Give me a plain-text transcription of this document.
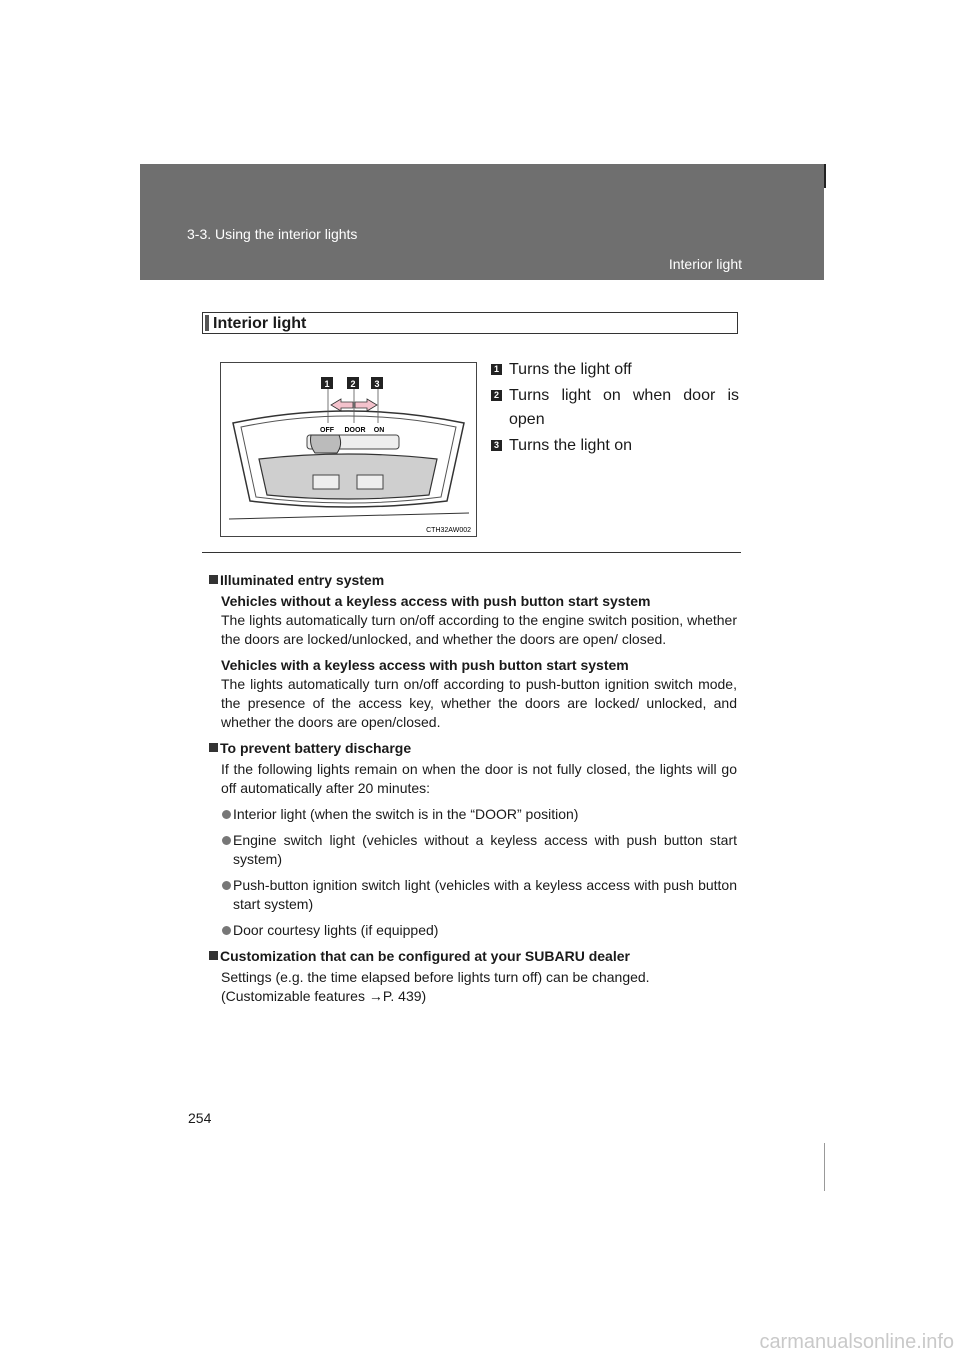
3-3. Using the interior lights
Interior light
Interior light
1 2 3
OFF DOOR ON
CTH32AW002
1 Turns the light off
2 Turns light on when door is open
3 Turns the light on
Illuminated entry system
Vehicles without a keyless access with push button start system
The lights automatically turn on/off according to the engine switch position, whether the doors are locked/unlocked, and whether the doors are open/ closed.
Vehicles with a keyless access with push button start system
The lights automatically turn on/off according to push-button ignition switch mode, the presence of the access key, whether the doors are locked/ unlocked, and whether the doors are open/closed.
To prevent battery discharge
If the following lights remain on when the door is not fully closed, the lights will go off automatically after 20 minutes:
Interior light (when the switch is in the “DOOR” position)
Engine switch light (vehicles without a keyless access with push button start system)
Push-button ignition switch light (vehicles with a keyless access with push button start system)
Door courtesy lights (if equipped)
Customization that can be configured at your SUBARU dealer
Settings (e.g. the time elapsed before lights turn off) can be changed.
(Customizable features →P. 439)
254
carmanualsonline.info
